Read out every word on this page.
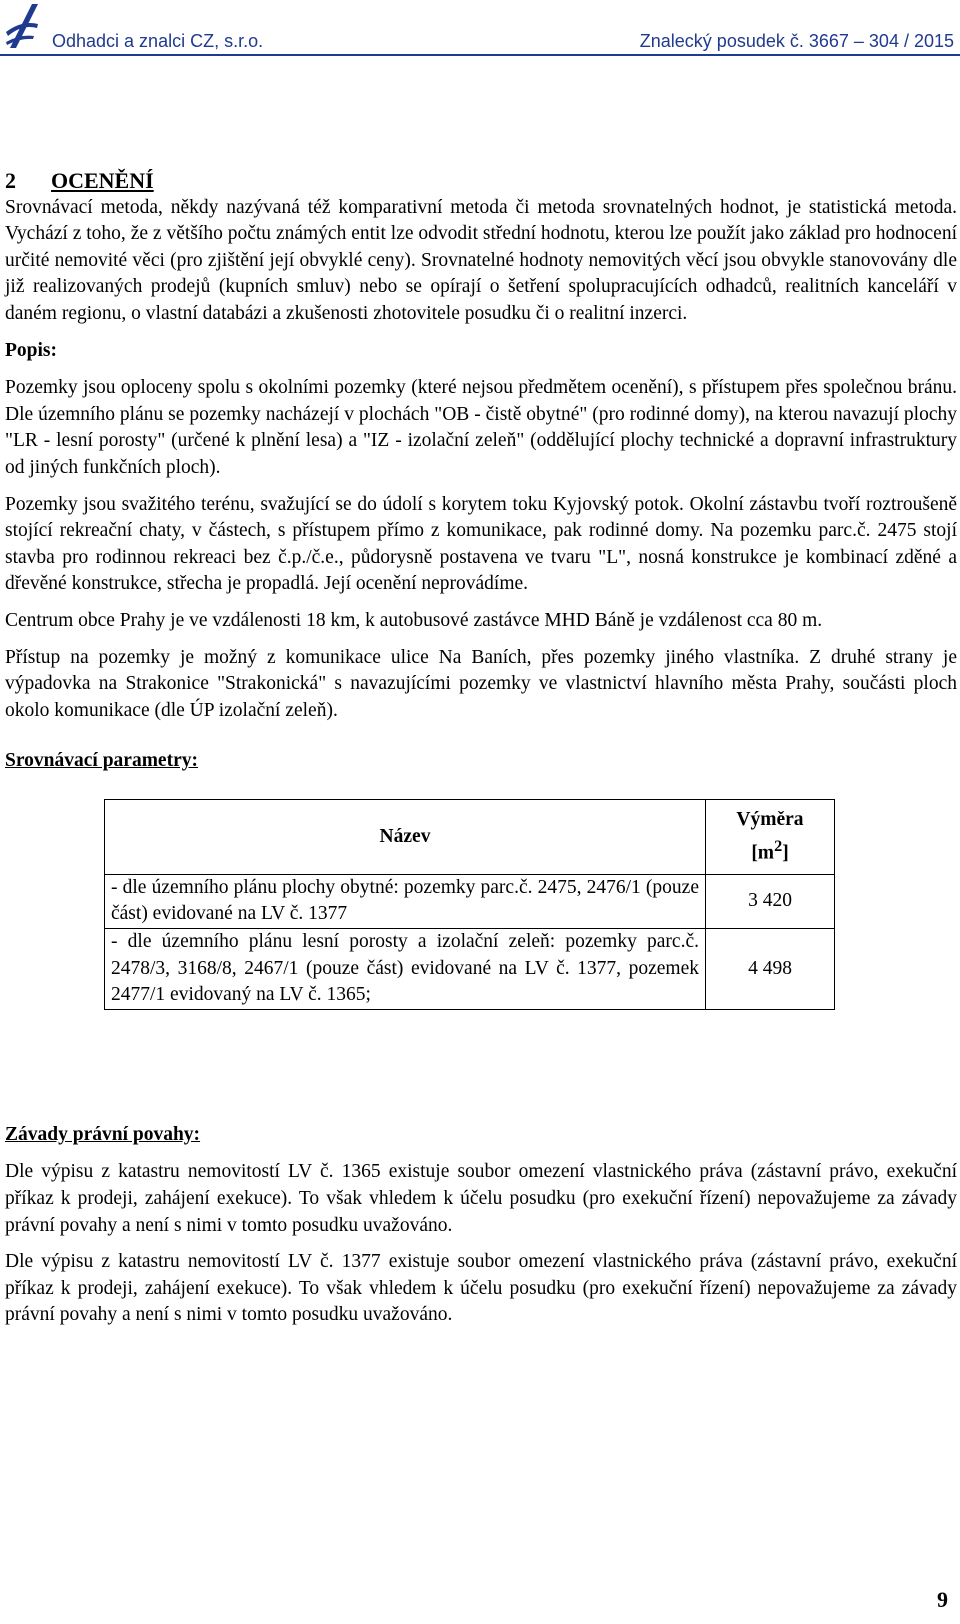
Odhadci a znalci CZ, s.r.o.	Znalecký posudek č. 3667 – 304 / 2015

2 OCENĚNÍ

Srovnávací metoda, někdy nazývaná též komparativní metoda či metoda srovnatelných hodnot, je statistická metoda. Vychází z toho, že z většího počtu známých entit lze odvodit střední hodnotu, kterou lze použít jako základ pro hodnocení určité nemovité věci (pro zjištění její obvyklé ceny). Srovnatelné hodnoty nemovitých věcí jsou obvykle stanovovány dle již realizovaných prodejů (kupních smluv) nebo se opírají o šetření spolupracujících odhadců, realitních kanceláří v daném regionu, o vlastní databázi a zkušenosti zhotovitele posudku či o realitní inzerci.

Popis:

Pozemky jsou oploceny spolu s okolními pozemky (které nejsou předmětem ocenění), s přístupem přes společnou bránu. Dle územního plánu se pozemky nacházejí v plochách "OB - čistě obytné" (pro rodinné domy), na kterou navazují plochy "LR - lesní porosty" (určené k plnění lesa) a "IZ - izolační zeleň" (oddělující plochy technické a dopravní infrastruktury od jiných funkčních ploch).

Pozemky jsou svažitého terénu, svažující se do údolí s korytem toku Kyjovský potok. Okolní zástavbu tvoří roztroušeně stojící rekreační chaty, v částech, s přístupem přímo z komunikace, pak rodinné domy. Na pozemku parc.č. 2475 stojí stavba pro rodinnou rekreaci bez č.p./č.e., půdorysně postavena ve tvaru "L", nosná konstrukce je kombinací zděné a dřevěné konstrukce, střecha je propadlá. Její ocenění neprovádíme.

Centrum obce Prahy je ve vzdálenosti 18 km, k autobusové zastávce MHD Báně je vzdálenost cca 80 m.

Přístup na pozemky je možný z komunikace ulice Na Baních, přes pozemky jiného vlastníka. Z druhé strany je výpadovka na Strakonice "Strakonická" s navazujícími pozemky ve vlastnictví hlavního města Prahy, součásti ploch okolo komunikace (dle ÚP izolační zeleň).

Srovnávací parametry:

Název	Výměra
$[m^2]$
- dle územního plánu plochy obytné: pozemky parc.č. 2475, 2476/1 (pouze část) evidované na LV č. 1377	3 420
- dle územního plánu lesní porosty a izolační zeleň: pozemky parc.č. 2478/3, 3168/8, 2467/1 (pouze část) evidované na LV č. 1377, pozemek 2477/1 evidovaný na LV č. 1365;	4 498

Závady právní povahy:

Dle výpisu z katastru nemovitostí LV č. 1365 existuje soubor omezení vlastnického práva (zástavní právo, exekuční příkaz k prodeji, zahájení exekuce). To však vhledem k účelu posudku (pro exekuční řízení) nepovažujeme za závady právní povahy a není s nimi v tomto posudku uvažováno.

Dle výpisu z katastru nemovitostí LV č. 1377 existuje soubor omezení vlastnického práva (zástavní právo, exekuční příkaz k prodeji, zahájení exekuce). To však vhledem k účelu posudku (pro exekuční řízení) nepovažujeme za závady právní povahy a není s nimi v tomto posudku uvažováno.

9
